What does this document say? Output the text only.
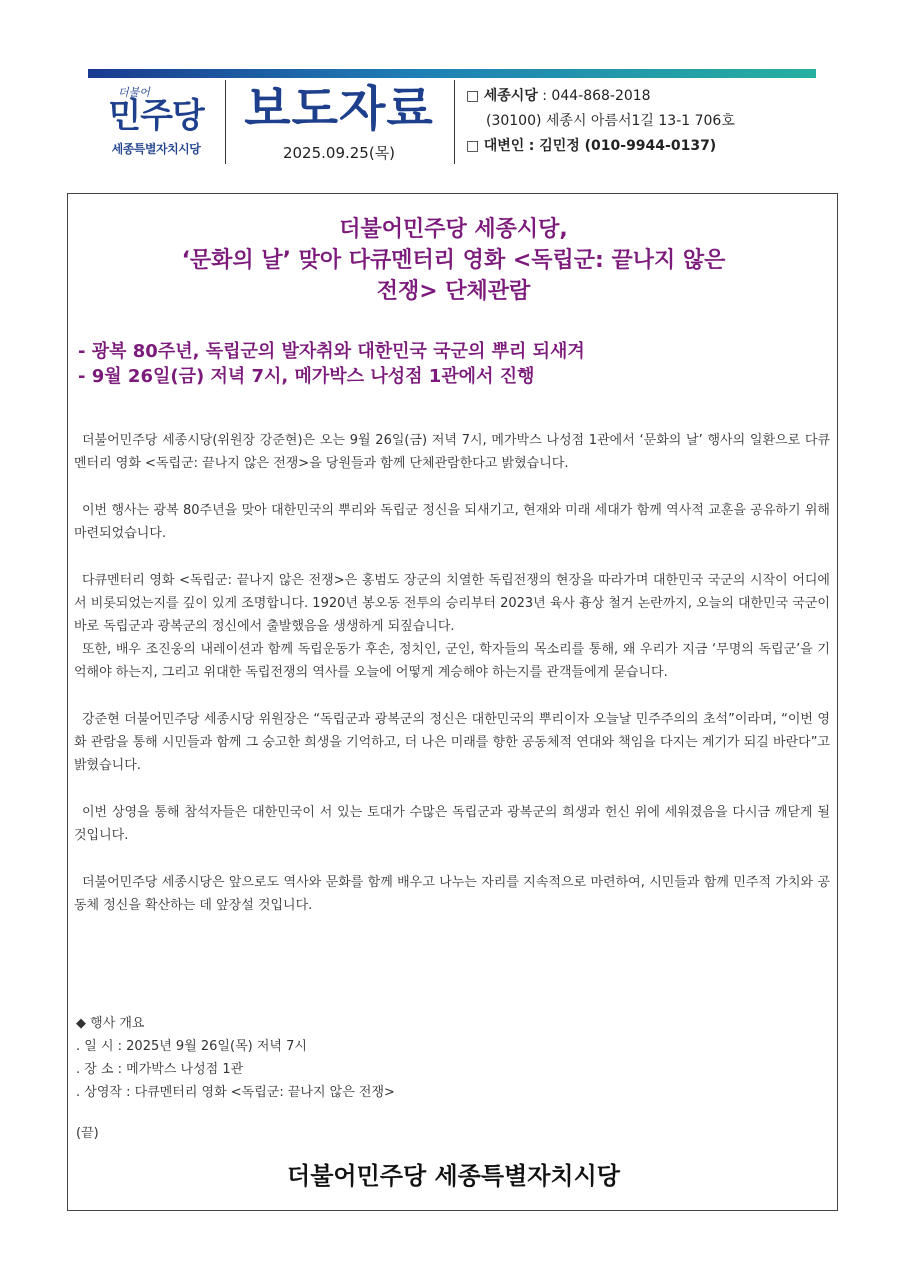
더불어
민주당
세종특별자치시당
보도자료
2025.09.25(목)
□ 세종시당 : 044-868-2018
(30100) 세종시 아름서1길 13-1 706호
□ 대변인 : 김민정 (010-9944-0137)
더불어민주당 세종시당,
‘문화의 날’ 맞아 다큐멘터리 영화 <독립군: 끝나지 않은
전쟁> 단체관람
- 광복 80주년, 독립군의 발자취와 대한민국 국군의 뿌리 되새겨
- 9월 26일(금) 저녁 7시, 메가박스 나성점 1관에서 진행

더불어민주당 세종시당(위원장 강준현)은 오는 9월 26일(금) 저녁 7시, 메가박스 나성점 1관에서 ‘문화의 날’ 행사의 일환으로 다큐멘터리 영화 <독립군: 끝나지 않은 전쟁>을 당원들과 함께 단체관람한다고 밝혔습니다.

이번 행사는 광복 80주년을 맞아 대한민국의 뿌리와 독립군 정신을 되새기고, 현재와 미래 세대가 함께 역사적 교훈을 공유하기 위해 마련되었습니다.

다큐멘터리 영화 <독립군: 끝나지 않은 전쟁>은 홍범도 장군의 치열한 독립전쟁의 현장을 따라가며 대한민국 국군의 시작이 어디에서 비롯되었는지를 깊이 있게 조명합니다. 1920년 봉오동 전투의 승리부터 2023년 육사 흉상 철거 논란까지, 오늘의 대한민국 국군이 바로 독립군과 광복군의 정신에서 출발했음을 생생하게 되짚습니다.

또한, 배우 조진웅의 내레이션과 함께 독립운동가 후손, 정치인, 군인, 학자들의 목소리를 통해, 왜 우리가 지금 ‘무명의 독립군’을 기억해야 하는지, 그리고 위대한 독립전쟁의 역사를 오늘에 어떻게 계승해야 하는지를 관객들에게 묻습니다.

강준현 더불어민주당 세종시당 위원장은 “독립군과 광복군의 정신은 대한민국의 뿌리이자 오늘날 민주주의의 초석”이라며, “이번 영화 관람을 통해 시민들과 함께 그 숭고한 희생을 기억하고, 더 나은 미래를 향한 공동체적 연대와 책임을 다지는 계기가 되길 바란다”고 밝혔습니다.

이번 상영을 통해 참석자들은 대한민국이 서 있는 토대가 수많은 독립군과 광복군의 희생과 헌신 위에 세워졌음을 다시금 깨닫게 될 것입니다.

더불어민주당 세종시당은 앞으로도 역사와 문화를 함께 배우고 나누는 자리를 지속적으로 마련하여, 시민들과 함께 민주적 가치와 공동체 정신을 확산하는 데 앞장설 것입니다.

◆ 행사 개요
. 일 시 : 2025년 9월 26일(목) 저녁 7시
. 장 소 : 메가박스 나성점 1관
. 상영작 : 다큐멘터리 영화 <독립군: 끝나지 않은 전쟁>
(끝)
더불어민주당 세종특별자치시당
